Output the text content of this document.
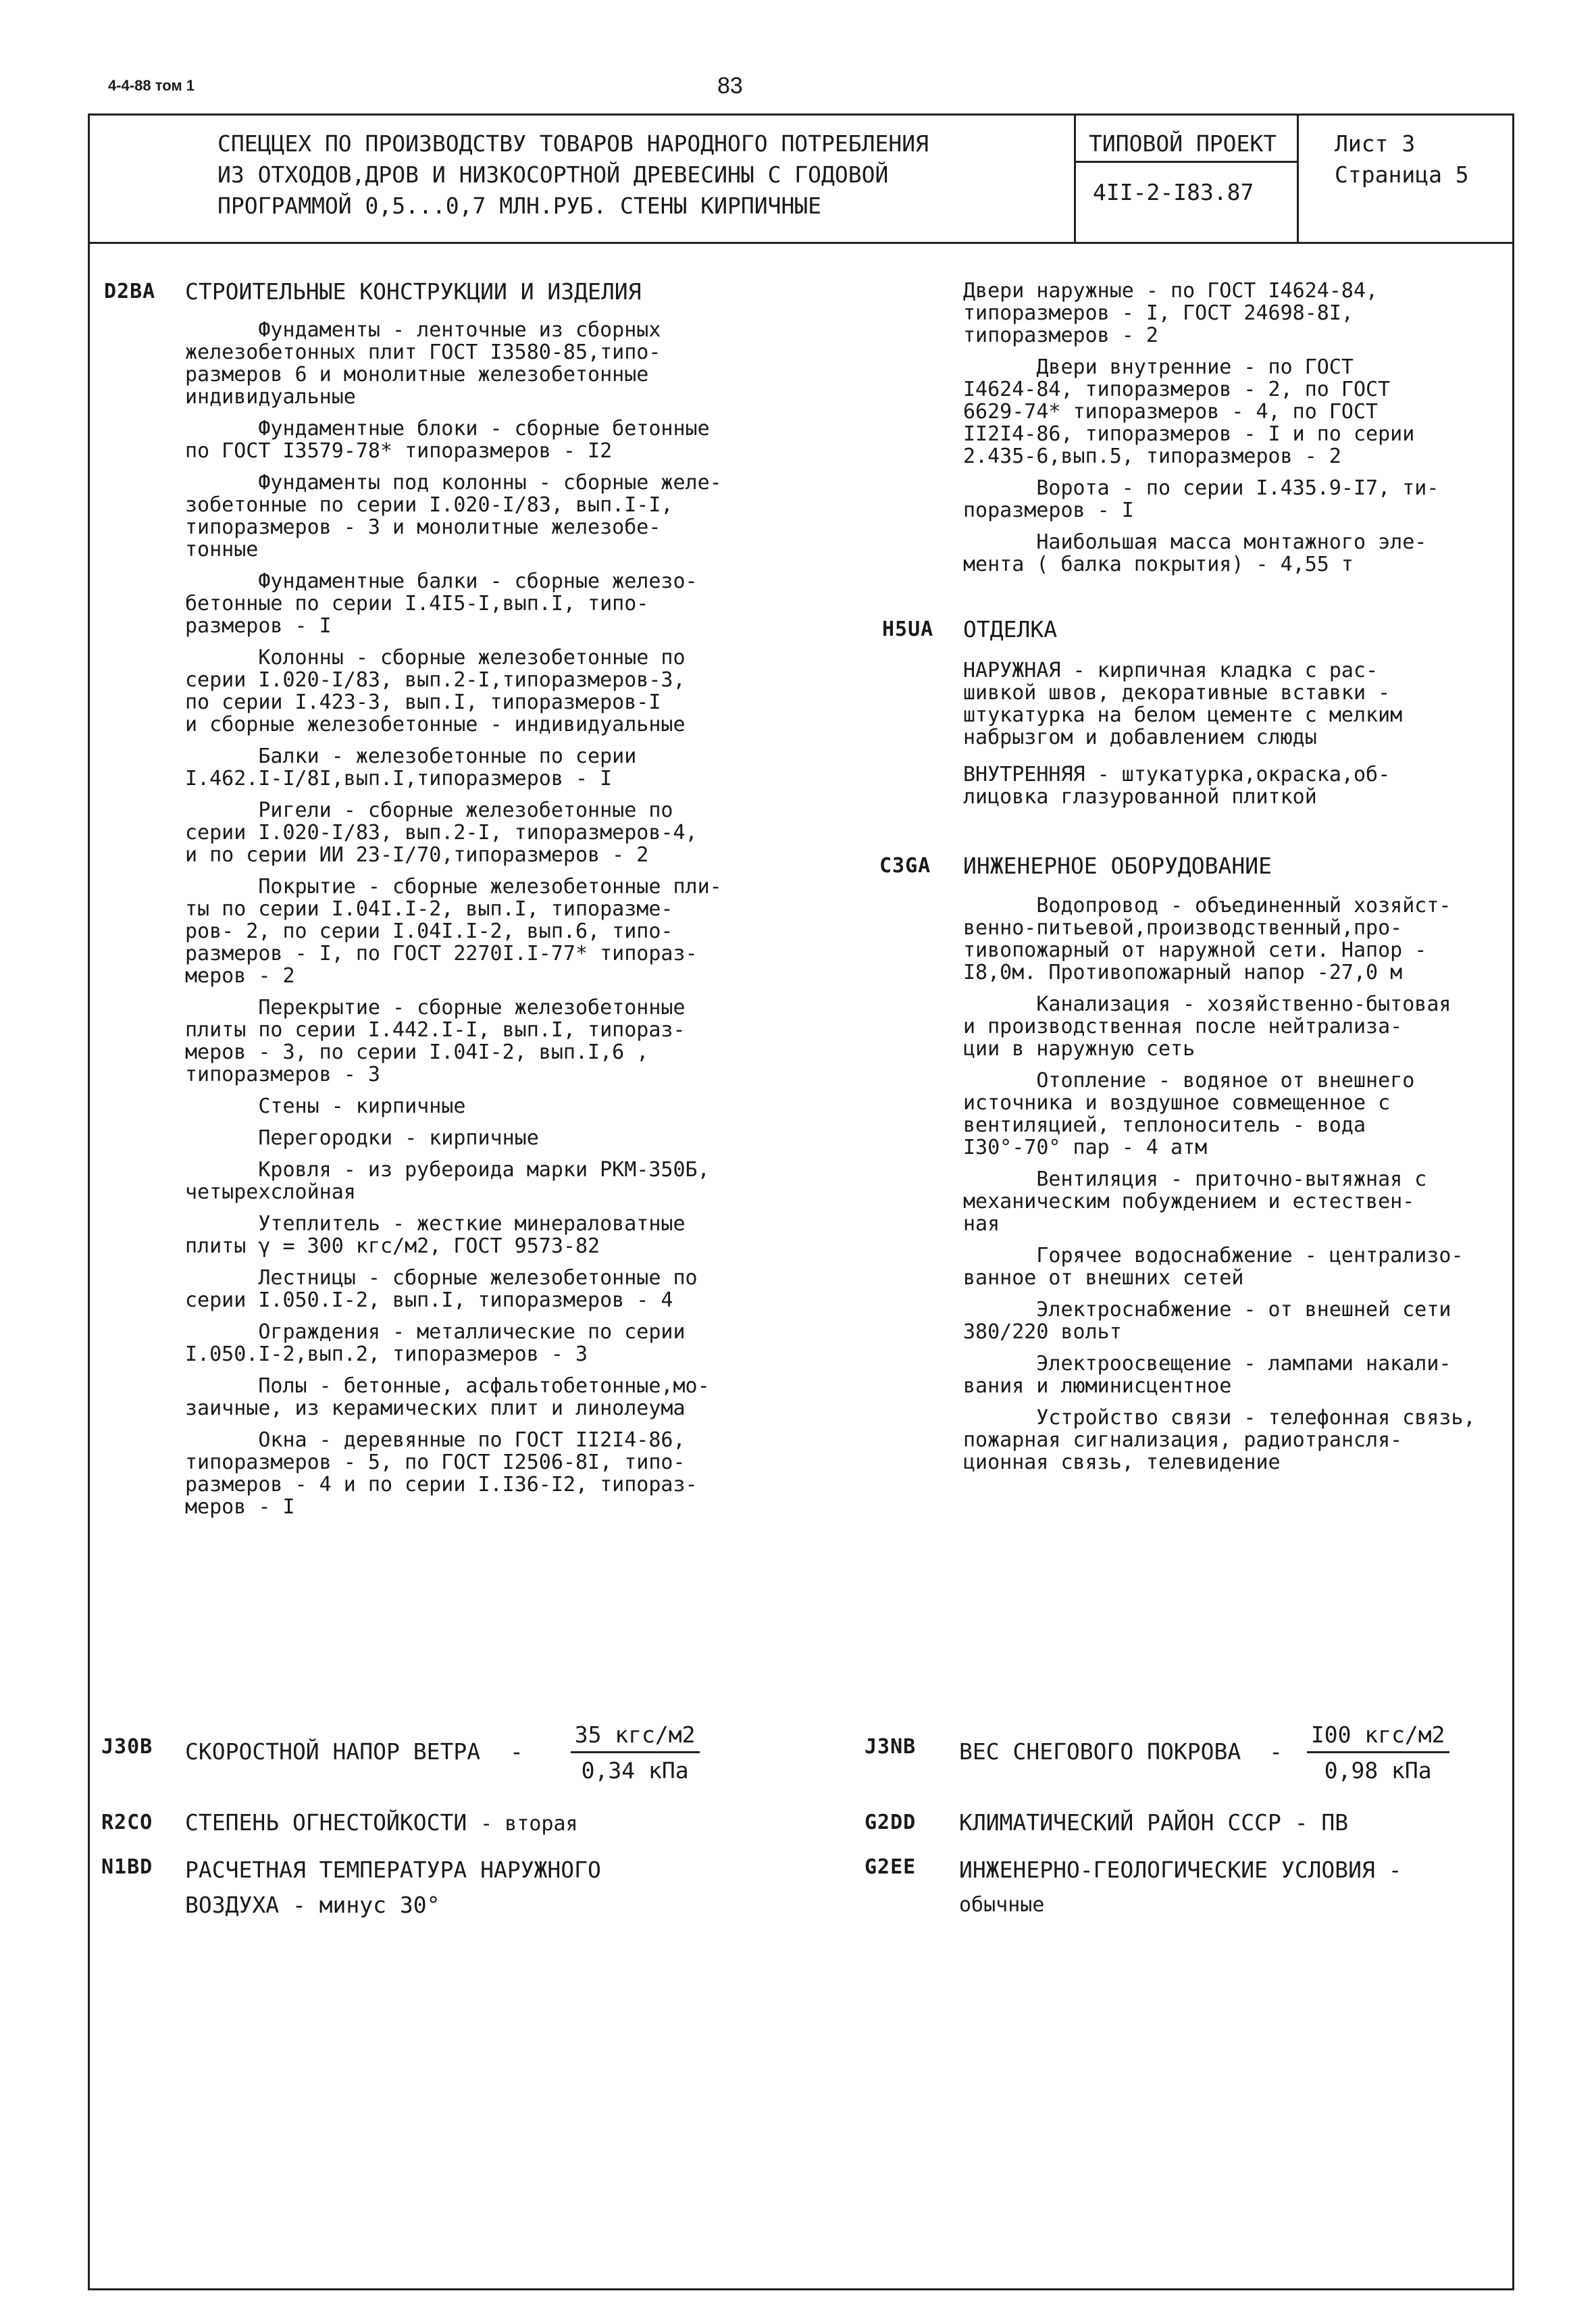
4-4-88 том 1	83
СПЕЦЦЕХ ПО ПРОИЗВОДСТВУ ТОВАРОВ НАРОДНОГО ПОТРЕБЛЕНИЯ
ИЗ ОТХОДОВ,ДРОВ И НИЗКОСОРТНОЙ ДРЕВЕСИНЫ С ГОДОВОЙ
ПРОГРАММОЙ 0,5...0,7 МЛН.РУБ. СТЕНЫ КИРПИЧНЫЕ
ТИПОВОЙ ПРОЕКТ
4II-2-I83.87
Лист 3
Страница 5
D2BA СТРОИТЕЛЬНЫЕ КОНСТРУКЦИИ И ИЗДЕЛИЯ
Фундаменты - ленточные из сборных
железобетонных плит ГОСТ I3580-85,типо-
размеров 6 и монолитные железобетонные
индивидуальные
Фундаментные блоки - сборные бетонные
по ГОСТ I3579-78* типоразмеров - I2
Фундаменты под колонны - сборные желе-
зобетонные по серии I.020-I/83, вып.I-I,
типоразмеров - 3 и монолитные железобе-
тонные
Фундаментные балки - сборные железо-
бетонные по серии I.4I5-I,вып.I, типо-
размеров - I
Колонны - сборные железобетонные по
серии I.020-I/83, вып.2-I,типоразмеров-3,
по серии I.423-3, вып.I, типоразмеров-I
и сборные железобетонные - индивидуальные
Балки - железобетонные по серии
I.462.I-I/8I,вып.I,типоразмеров - I
Ригели - сборные железобетонные по
серии I.020-I/83, вып.2-I, типоразмеров-4,
и по серии ИИ 23-I/70,типоразмеров - 2
Покрытие - сборные железобетонные пли-
ты по серии I.04I.I-2, вып.I, типоразме-
ров- 2, по серии I.04I.I-2, вып.6, типо-
размеров - I, по ГОСТ 2270I.I-77* типораз-
меров - 2
Перекрытие - сборные железобетонные
плиты по серии I.442.I-I, вып.I, типораз-
меров - 3, по серии I.04I-2, вып.I,6 ,
типоразмеров - 3
Стены - кирпичные
Перегородки - кирпичные
Кровля - из рубероида марки РКМ-350Б,
четырехслойная
Утеплитель - жесткие минераловатные
плиты γ = 300 кгс/м2, ГОСТ 9573-82
Лестницы - сборные железобетонные по
серии I.050.I-2, вып.I, типоразмеров - 4
Ограждения - металлические по серии
I.050.I-2,вып.2, типоразмеров - 3
Полы - бетонные, асфальтобетонные,мо-
заичные, из керамических плит и линолеума
Окна - деревянные по ГОСТ II2I4-86,
типоразмеров - 5, по ГОСТ I2506-8I, типо-
размеров - 4 и по серии I.I36-I2, типораз-
меров - I
Двери наружные - по ГОСТ I4624-84,
типоразмеров - I, ГОСТ 24698-8I,
типоразмеров - 2
Двери внутренние - по ГОСТ
I4624-84, типоразмеров - 2, по ГОСТ
6629-74* типоразмеров - 4, по ГОСТ
II2I4-86, типоразмеров - I и по серии
2.435-6,вып.5, типоразмеров - 2
Ворота - по серии I.435.9-I7, ти-
поразмеров - I
Наибольшая масса монтажного эле-
мента ( балка покрытия) - 4,55 т
H5UA ОТДЕЛКА
НАРУЖНАЯ - кирпичная кладка с рас-
шивкой швов, декоративные вставки -
штукатурка на белом цементе с мелким
набрызгом и добавлением слюды
ВНУТРЕННЯЯ - штукатурка,окраска,об-
лицовка глазурованной плиткой
C3GA ИНЖЕНЕРНОЕ ОБОРУДОВАНИЕ
Водопровод - объединенный хозяйст-
венно-питьевой,производственный,про-
тивопожарный от наружной сети. Напор -
I8,0м. Противопожарный напор -27,0 м
Канализация - хозяйственно-бытовая
и производственная после нейтрализа-
ции в наружную сеть
Отопление - водяное от внешнего
источника и воздушное совмещенное с
вентиляцией, теплоноситель - вода
I30°-70° пар - 4 атм
Вентиляция - приточно-вытяжная с
механическим побуждением и естествен-
ная
Горячее водоснабжение - централизо-
ванное от внешних сетей
Электроснабжение - от внешней сети
380/220 вольт
Электроосвещение - лампами накали-
вания и люминисцентное
Устройство связи - телефонная связь,
пожарная сигнализация, радиотрансля-
ционная связь, телевидение
J30B СКОРОСТНОЙ НАПОР ВЕТРА - $\frac{\text{35 кгс/м2}}{\text{0,34 кПа}}$	J3NB ВЕС СНЕГОВОГО ПОКРОВА - $\frac{\text{I00 кгс/м2}}{\text{0,98 кПа}}$
R2CO СТЕПЕНЬ ОГНЕСТОЙКОСТИ - вторая	G2DD КЛИМАТИЧЕСКИЙ РАЙОН СССР - ПВ
N1BD РАСЧЕТНАЯ ТЕМПЕРАТУРА НАРУЖНОГО
ВОЗДУХА - минус 30°
G2EE ИНЖЕНЕРНО-ГЕОЛОГИЧЕСКИЕ УСЛОВИЯ -
обычные
